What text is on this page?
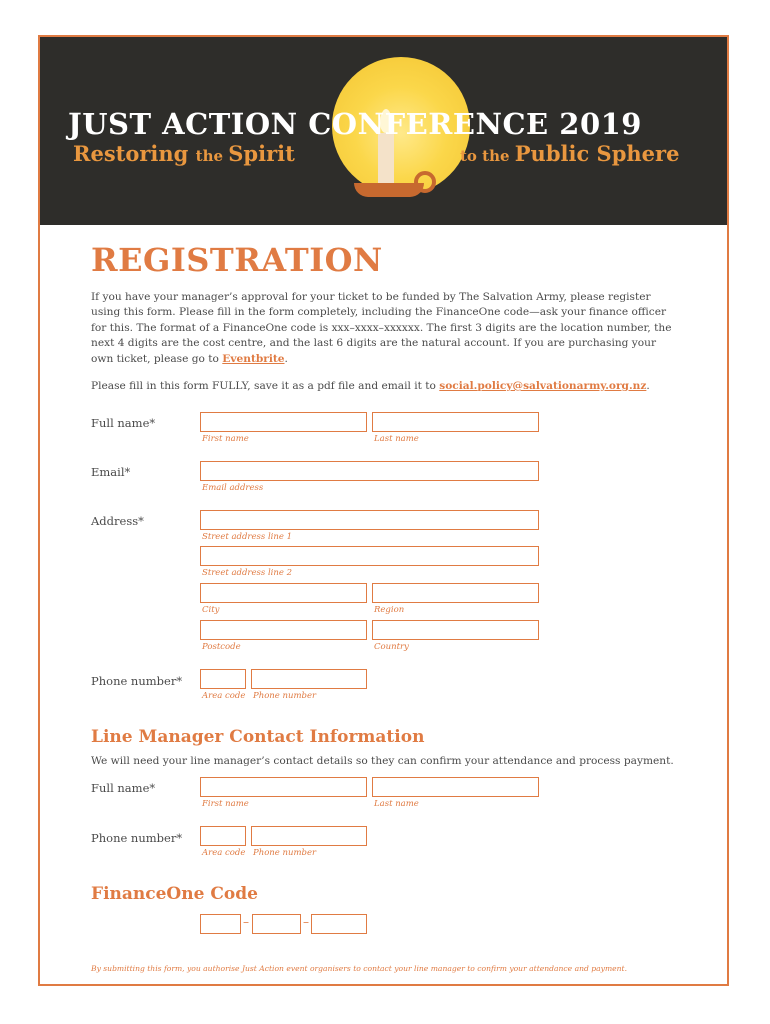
JUST ACTION CONFERENCE 2019
Restoring the Spirit	to the Public Sphere
REGISTRATION
If you have your manager’s approval for your ticket to be funded by The Salvation Army, please register using this form. Please fill in the form completely, including the FinanceOne code—ask your finance officer for this. The format of a FinanceOne code is xxx–xxxx–xxxxxx. The first 3 digits are the location number, the next 4 digits are the cost centre, and the last 6 digits are the natural account. If you are purchasing your own ticket, please go to Eventbrite.
Please fill in this form FULLY, save it as a pdf file and email it to social.policy@salvationarmy.org.nz.
Full name*
First name	Last name
Email*
Email address
Address*
Street address line 1
Street address line 2
City	Region
Postcode	Country
Phone number*
Area code Phone number
Line Manager Contact Information
We will need your line manager’s contact details so they can confirm your attendance and process payment.
Full name*
First name	Last name
Phone number*
Area code Phone number
FinanceOne Code
–	–
By submitting this form, you authorise Just Action event organisers to contact your line manager to confirm your attendance and payment.
